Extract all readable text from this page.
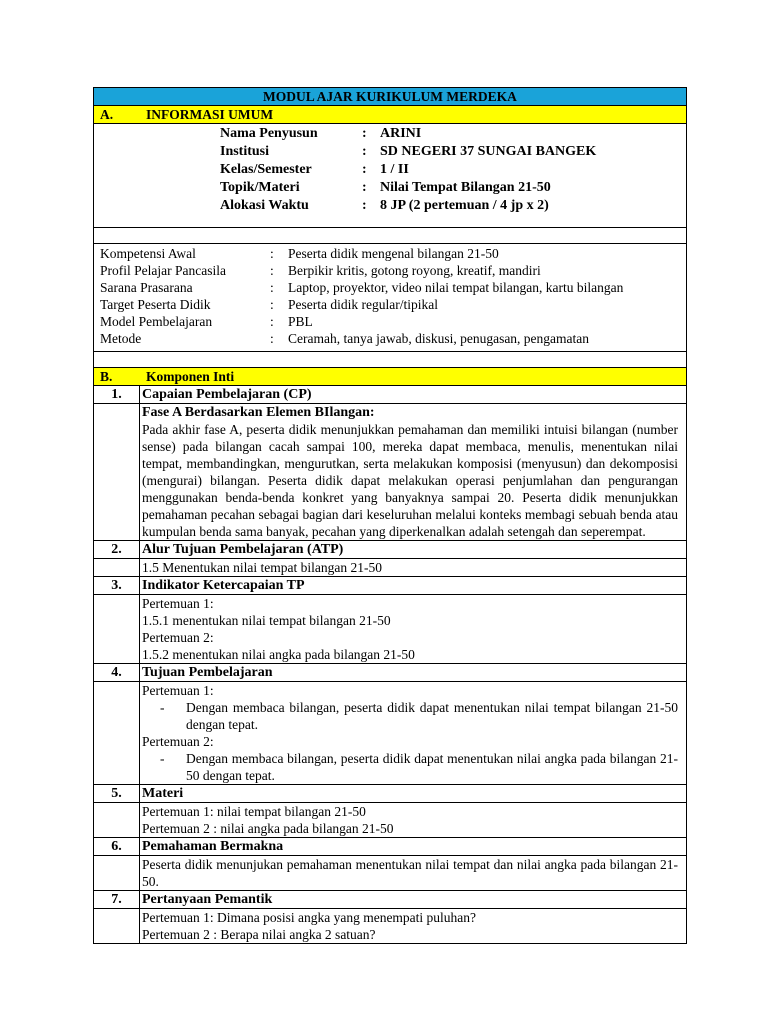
MODUL AJAR KURIKULUM MERDEKA
A.	INFORMASI UMUM
Nama Penyusun	: ARINI
Institusi	: SD NEGERI 37 SUNGAI BANGEK
Kelas/Semester	: 1 / II
Topik/Materi	: Nilai Tempat Bilangan 21-50
Alokasi Waktu	: 8 JP (2 pertemuan / 4 jp x 2)
Kompetensi Awal	: Peserta didik mengenal bilangan 21-50
Profil Pelajar Pancasila	: Berpikir kritis, gotong royong, kreatif, mandiri
Sarana Prasarana	: Laptop, proyektor, video nilai tempat bilangan, kartu bilangan
Target Peserta Didik	: Peserta didik regular/tipikal
Model Pembelajaran	: PBL
Metode	: Ceramah, tanya jawab, diskusi, penugasan, pengamatan
B.	Komponen Inti
1.	Capaian Pembelajaran (CP)
Fase A Berdasarkan Elemen BIlangan:
Pada akhir fase A, peserta didik menunjukkan pemahaman dan memiliki intuisi bilangan (number sense) pada bilangan cacah sampai 100, mereka dapat membaca, menulis, menentukan nilai tempat, membandingkan, mengurutkan, serta melakukan komposisi (menyusun) dan dekomposisi (mengurai) bilangan. Peserta didik dapat melakukan operasi penjumlahan dan pengurangan menggunakan benda-benda konkret yang banyaknya sampai 20. Peserta didik menunjukkan pemahaman pecahan sebagai bagian dari keseluruhan melalui konteks membagi sebuah benda atau kumpulan benda sama banyak, pecahan yang diperkenalkan adalah setengah dan seperempat.
2.	Alur Tujuan Pembelajaran (ATP)
1.5 Menentukan nilai tempat bilangan 21-50
3.	Indikator Ketercapaian TP
Pertemuan 1:
1.5.1 menentukan nilai tempat bilangan 21-50
Pertemuan 2:
1.5.2 menentukan nilai angka pada bilangan 21-50
4.	Tujuan Pembelajaran
Pertemuan 1:
-	Dengan membaca bilangan, peserta didik dapat menentukan nilai tempat bilangan 21-50 dengan tepat.
Pertemuan 2:
-	Dengan membaca bilangan, peserta didik dapat menentukan nilai angka pada bilangan 21-50 dengan tepat.
5.	Materi
Pertemuan 1: nilai tempat bilangan 21-50
Pertemuan 2 : nilai angka pada bilangan 21-50
6.	Pemahaman Bermakna
Peserta didik menunjukan pemahaman menentukan nilai tempat dan nilai angka pada bilangan 21-50.
7.	Pertanyaan Pemantik
Pertemuan 1: Dimana posisi angka yang menempati puluhan?
Pertemuan 2 : Berapa nilai angka 2 satuan?
